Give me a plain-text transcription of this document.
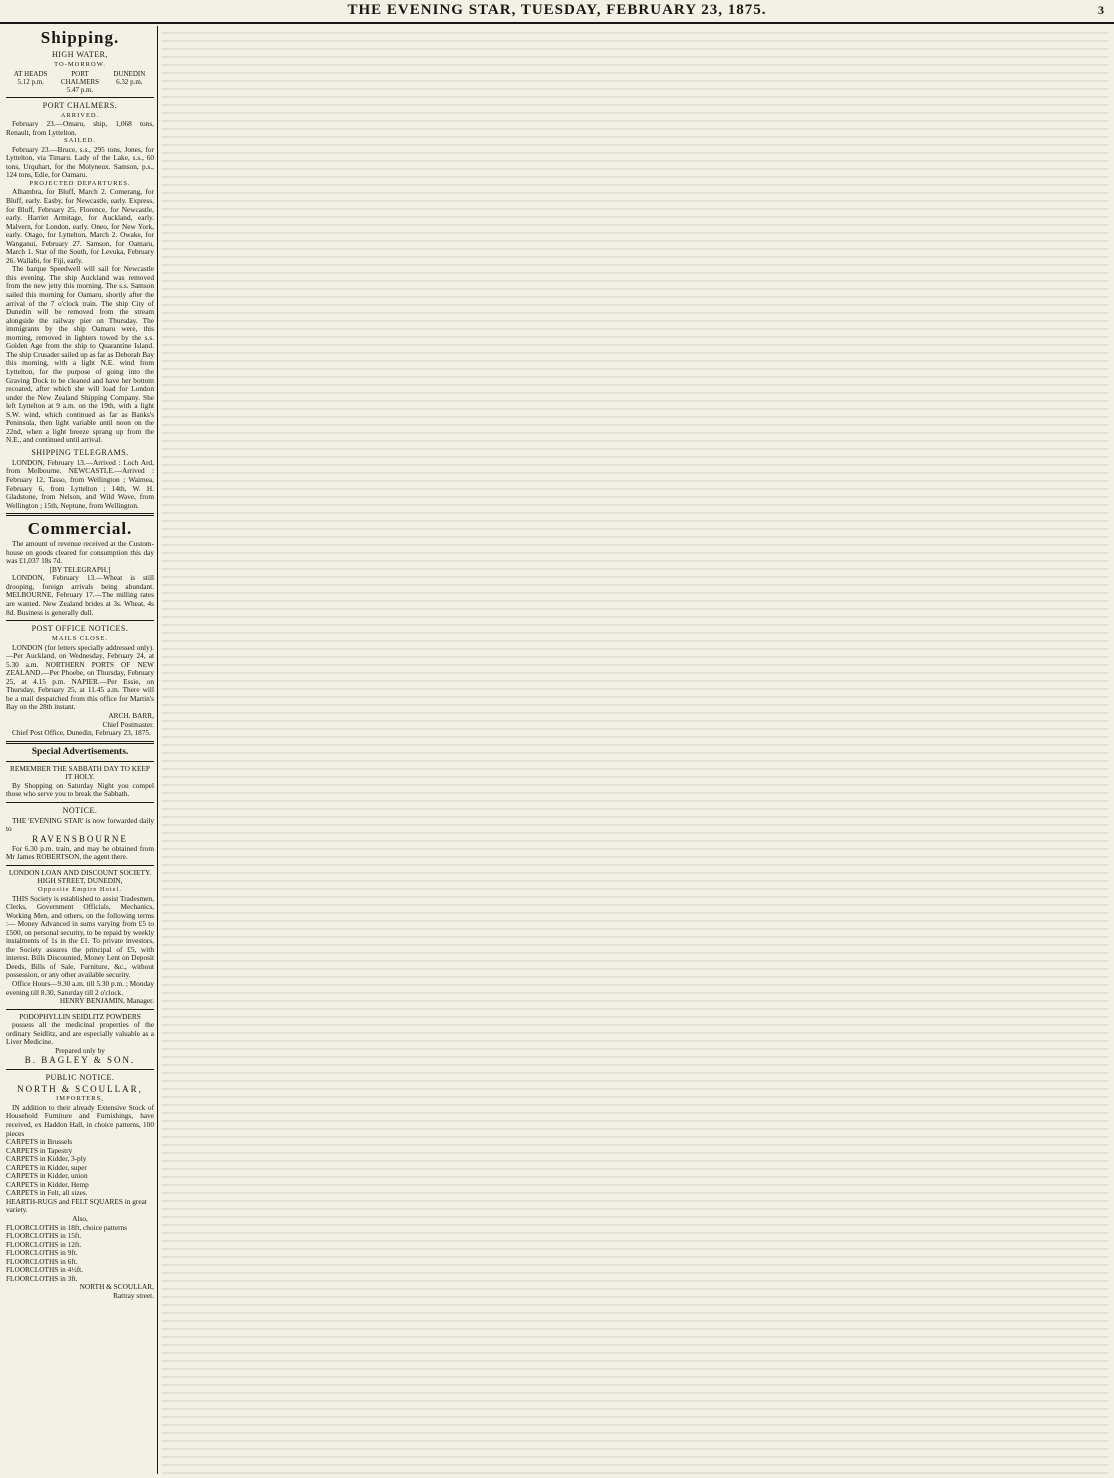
THE EVENING STAR, TUESDAY, FEBRUARY 23, 1875.	3
Shipping.
HIGH WATER,
TO-MORROW.
AT HEADS
5.12 p.m.
PORT CHALMERS
5.47 p.m.
DUNEDIN
6.32 p.m.
PORT CHALMERS.
ARRIVED.

February 23.—Omaru, ship, 1,068 tons, Renault, from Lyttelton.

SAILED.

February 23.—Bruce, s.s., 295 tons, Jones, for Lyttelton, via Timaru. Lady of the Lake, s.s., 60 tons, Urquhart, for the Molyneux. Samson, p.s., 124 tons, Edie, for Oamaru.

PROJECTED DEPARTURES.

Alhambra, for Bluff, March 2. Comerang, for Bluff, early. Easby, for Newcastle, early. Express, for Bluff, February 25. Florence, for Newcastle, early. Harriet Armitage, for Auckland, early. Malvern, for London, early. Oneo, for New York, early. Otago, for Lyttelton, March 2. Owake, for Wanganui, February 27. Samson, for Oamaru, March 1. Star of the South, for Levuka, February 26. Wallabi, for Fiji, early.

The barque Speedwell will sail for Newcastle this evening. The ship Auckland was removed from the new jetty this morning. The s.s. Samson sailed this morning for Oamaru, shortly after the arrival of the 7 o'clock train. The ship City of Dunedin will be removed from the stream alongside the railway pier on Thursday. The immigrants by the ship Oamaru were, this morning, removed in lighters towed by the s.s. Golden Age from the ship to Quarantine Island. The ship Crusader sailed up as far as Deborah Bay this morning, with a light N.E. wind from Lyttelton, for the purpose of going into the Graving Dock to be cleaned and have her bottom recoated, after which she will load for London under the New Zealand Shipping Company. She left Lyttelton at 9 a.m. on the 19th, with a light S.W. wind, which continued as far as Banks's Peninsula, then light variable until noon on the 22nd, when a light breeze sprang up from the N.E., and continued until arrival.

SHIPPING TELEGRAMS.

LONDON, February 13.—Arrived : Loch Ard, from Melbourne. NEWCASTLE.—Arrived : February 12, Tasso, from Wellington ; Waimea, February 6, from Lyttelton ; 14th, W. H. Gladstone, from Nelson, and Wild Wave, from Wellington ; 15th, Neptune, from Wellington.

Commercial.

The amount of revenue received at the Custom-house on goods cleared for consumption this day was £1,037 18s 7d.

[BY TELEGRAPH.]

LONDON, February 13.—Wheat is still drooping, foreign arrivals being abundant. MELBOURNE, February 17.—The milling rates are wanted. New Zealand brides at 3s. Wheat, 4s 8d. Business is generally dull.

POST OFFICE NOTICES.
MAILS CLOSE.

LONDON (for letters specially addressed only). —Per Auckland, on Wednesday, February 24, at 5.30 a.m. NORTHERN PORTS OF NEW ZEALAND.—Per Phoebe, on Thursday, February 25, at 4.15 p.m. NAPIER.—Per Essie, on Thursday, February 25, at 11.45 a.m. There will be a mail despatched from this office for Martin's Bay on the 28th instant.

ARCH. BARR,
Chief Postmaster.
Chief Post Office, Dunedin, February 23, 1875.
Special Advertisements.
REMEMBER THE SABBATH DAY TO KEEP IT HOLY.

By Shopping on Saturday Night you compel those who serve you to break the Sabbath.

NOTICE.

THE 'EVENING STAR' is now forwarded daily to

RAVENSBOURNE

For 6.30 p.m. train, and may be obtained from Mr James ROBERTSON, the agent there.

LONDON LOAN AND DISCOUNT SOCIETY.
HIGH STREET, DUNEDIN,
Opposite Empire Hotel.

THIS Society is established to assist Tradesmen, Clerks, Government Officials, Mechanics, Working Men, and others, on the following terms :— Money Advanced in sums varying from £5 to £500, on personal security, to be repaid by weekly instalments of 1s in the £1. To private investors, the Society assures the principal of £5, with interest. Bills Discounted, Money Lent on Deposit Deeds, Bills of Sale, Furniture, &c., without possession, or any other available security.

Office Hours—9.30 a.m. till 5.30 p.m. ; Monday evening till 8.30, Saturday till 2 o'clock.

HENRY BENJAMIN, Manager.
PODOPHYLLIN SEIDLITZ POWDERS

possess all the medicinal properties of the ordinary Seidlitz, and are especially valuable as a Liver Medicine.

Prepared only by
B. BAGLEY & SON.
PUBLIC NOTICE.
NORTH & SCOULLAR,
IMPORTERS,

IN addition to their already Extensive Stock of Household Furniture and Furnishings, have received, ex Haddon Hall, in choice patterns, 100 pieces

CARPETS in Brussels
CARPETS in Tapestry
CARPETS in Kidder, 3-ply
CARPETS in Kidder, super
CARPETS in Kidder, union
CARPETS in Kidder, Hemp
CARPETS in Felt, all sizes.
HEARTH-RUGS and FELT SQUARES in great variety.
Also,
FLOORCLOTHS in 18ft, choice patterns
FLOORCLOTHS in 15ft.
FLOORCLOTHS in 12ft.
FLOORCLOTHS in 9ft.
FLOORCLOTHS in 6ft.
FLOORCLOTHS in 4½ft.
FLOORCLOTHS in 3ft.
NORTH & SCOULLAR,
Rattray street.
